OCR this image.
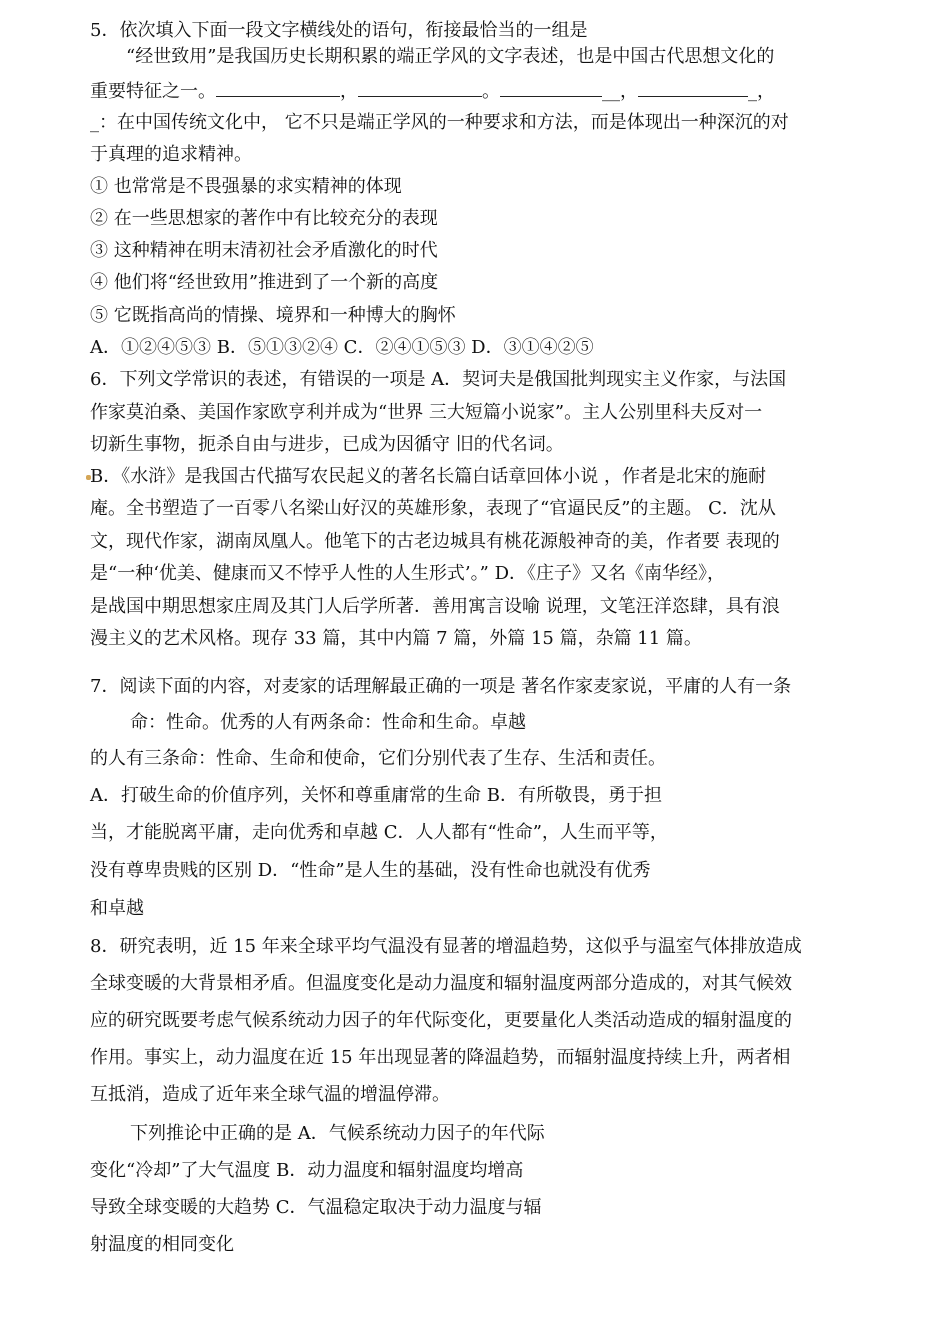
5．依次填入下面一段文字横线处的语句，衔接最恰当的一组是
“经世致用”是我国历史长期积累的端正学风的文字表述，也是中国古代思想文化的
重要特征之一。	，	。	__，	_，
_：在中国传统文化中， 它不只是端正学风的一种要求和方法，而是体现出一种深沉的对
于真理的追求精神。
① 也常常是不畏强暴的求实精神的体现
② 在一些思想家的著作中有比较充分的表现
③ 这种精神在明末清初社会矛盾激化的时代
④ 他们将“经世致用”推进到了一个新的高度
⑤ 它既指高尚的情操、境界和一种博大的胸怀
A．①②④⑤③ B．⑤①③②④ C．②④①⑤③ D．③①④②⑤
6．下列文学常识的表述，有错误的一项是 A．契诃夫是俄国批判现实主义作家，与法国
作家莫泊桑、美国作家欧亨利并成为“世界 三大短篇小说家”。主人公别里科夫反对一
切新生事物，扼杀自由与进步，已成为因循守 旧的代名词。
B．《水浒》是我国古代描写农民起义的著名长篇白话章回体小说 ，作者是北宋的施耐
庵。全书塑造了一百零八名梁山好汉的英雄形象，表现了“官逼民反”的主题。 C．沈从
文，现代作家，湖南凤凰人。他笔下的古老边城具有桃花源般神奇的美，作者要 表现的
是“一种‘优美、健康而又不悖乎人性的人生形式’。” D．《庄子》又名《南华经》，
是战国中期思想家庄周及其门人后学所著．善用寓言设喻 说理，文笔汪洋恣肆，具有浪
漫主义的艺术风格。现存 33 篇，其中内篇 7 篇，外篇 15 篇，杂篇 11 篇。
7．阅读下面的内容，对麦家的话理解最正确的一项是 著名作家麦家说，平庸的人有一条
命：性命。优秀的人有两条命：性命和生命。卓越
的人有三条命：性命、生命和使命，它们分别代表了生存、生活和责任。
A．打破生命的价值序列，关怀和尊重庸常的生命 B．有所敬畏，勇于担
当，才能脱离平庸，走向优秀和卓越 C．人人都有“性命”，人生而平等，
没有尊卑贵贱的区别 D．“性命”是人生的基础，没有性命也就没有优秀
和卓越
8．研究表明，近 15 年来全球平均气温没有显著的增温趋势，这似乎与温室气体排放造成
全球变暖的大背景相矛盾。但温度变化是动力温度和辐射温度两部分造成的，对其气候效
应的研究既要考虑气候系统动力因子的年代际变化，更要量化人类活动造成的辐射温度的
作用。事实上，动力温度在近 15 年出现显著的降温趋势，而辐射温度持续上升，两者相
互抵消，造成了近年来全球气温的增温停滞。
下列推论中正确的是 A．气候系统动力因子的年代际
变化“冷却”了大气温度 B．动力温度和辐射温度均增高
导致全球变暖的大趋势 C．气温稳定取决于动力温度与辐
射温度的相同变化
